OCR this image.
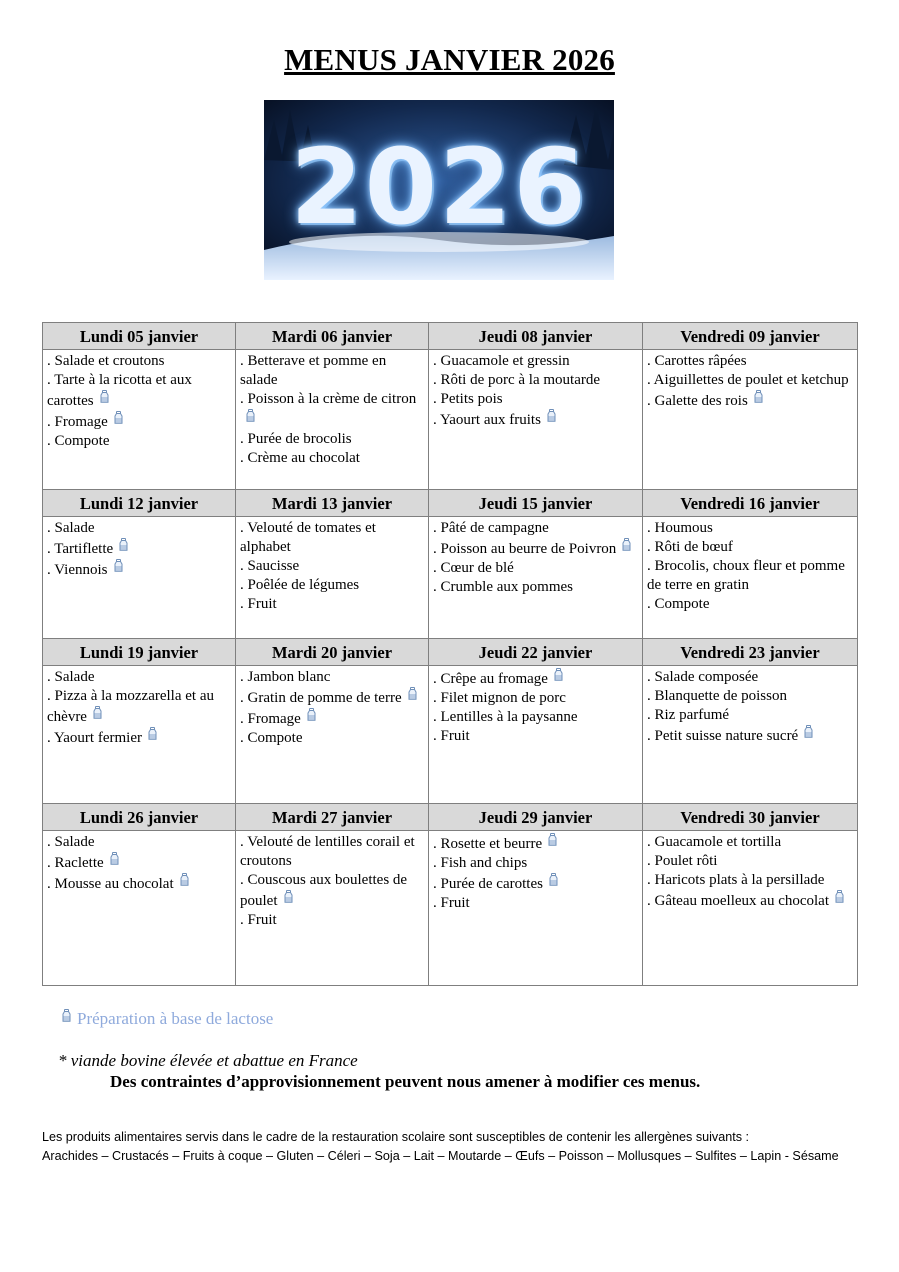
MENUS JANVIER 2026
2026
Lundi 05 janvier	Mardi 06 janvier	Jeudi 08 janvier	Vendredi 09 janvier

. Salade et croutons
. Tarte à la ricotta et aux carottes
. Fromage
. Compote	. Betterave et pomme en salade
. Poisson à la crème de citron
. Purée de brocolis
. Crème au chocolat	. Guacamole et gressin
. Rôti de porc à la moutarde
. Petits pois
. Yaourt aux fruits	. Carottes râpées
. Aiguillettes de poulet et ketchup
. Galette des rois

Lundi 12 janvier	Mardi 13 janvier	Jeudi 15 janvier	Vendredi 16 janvier

. Salade
. Tartiflette
. Viennois	. Velouté de tomates et alphabet
. Saucisse
. Poêlée de légumes
. Fruit	. Pâté de campagne
. Poisson au beurre de Poivron
. Cœur de blé
. Crumble aux pommes	. Houmous
. Rôti de bœuf
. Brocolis, choux fleur et pomme de terre en gratin
. Compote

Lundi 19 janvier	Mardi 20 janvier	Jeudi 22 janvier	Vendredi 23 janvier

. Salade
. Pizza à la mozzarella et au chèvre
. Yaourt fermier	. Jambon blanc
. Gratin de pomme de terre
. Fromage
. Compote	. Crêpe au fromage
. Filet mignon de porc
. Lentilles à la paysanne
. Fruit	. Salade composée
. Blanquette de poisson
. Riz parfumé
. Petit suisse nature sucré

Lundi 26 janvier	Mardi 27 janvier	Jeudi 29 janvier	Vendredi 30 janvier

. Salade
. Raclette
. Mousse au chocolat	. Velouté de lentilles corail et croutons
. Couscous aux boulettes de poulet
. Fruit	. Rosette et beurre
. Fish and chips
. Purée de carottes
. Fruit	. Guacamole et tortilla
. Poulet rôti
. Haricots plats à la persillade
. Gâteau moelleux au chocolat
Préparation à base de lactose
* viande bovine élevée et abattue en France
Des contraintes d’approvisionnement peuvent nous amener à modifier ces menus.
Les produits alimentaires servis dans le cadre de la restauration scolaire sont susceptibles de contenir les allergènes suivants :
Arachides – Crustacés – Fruits à coque – Gluten – Céleri – Soja – Lait – Moutarde – Œufs – Poisson – Mollusques – Sulfites – Lapin - Sésame
